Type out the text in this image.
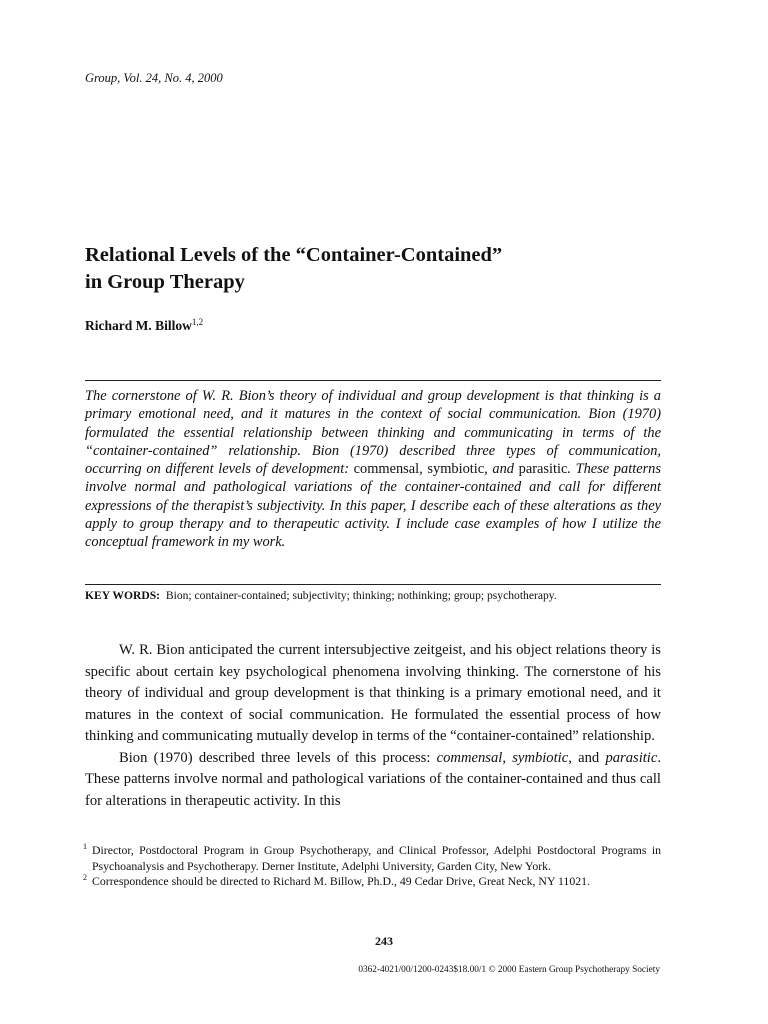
Group, Vol. 24, No. 4, 2000
Relational Levels of the “Container-Contained”
in Group Therapy
Richard M. Billow$^{1,2}$

The cornerstone of W. R. Bion’s theory of individual and group development is that thinking is a primary emotional need, and it matures in the context of social communication. Bion (1970) formulated the essential relationship between thinking and communicating in terms of the “container-contained” relationship. Bion (1970) described three types of communication, occurring on different levels of development: commensal, symbiotic, and parasitic. These patterns involve normal and pathological variations of the container-contained and call for different expressions of the therapist’s subjectivity. In this paper, I describe each of these alterations as they apply to group therapy and to therapeutic activity. I include case examples of how I utilize the conceptual framework in my work.

KEY WORDS: Bion; container-contained; subjectivity; thinking; nothinking; group; psychotherapy.

W. R. Bion anticipated the current intersubjective zeitgeist, and his object relations theory is specific about certain key psychological phenomena involving thinking. The cornerstone of his theory of individual and group development is that thinking is a primary emotional need, and it matures in the context of social communication. He formulated the essential process of how thinking and communicating mutually develop in terms of the “container-contained” relationship.

Bion (1970) described three levels of this process: commensal, symbiotic, and parasitic. These patterns involve normal and pathological variations of the container-contained and thus call for alterations in therapeutic activity. In this

1 Director, Postdoctoral Program in Group Psychotherapy, and Clinical Professor, Adelphi Postdoctoral Programs in Psychoanalysis and Psychotherapy. Derner Institute, Adelphi University, Garden City, New York.

2 Correspondence should be directed to Richard M. Billow, Ph.D., 49 Cedar Drive, Great Neck, NY 11021.

243
0362-4021/00/1200-0243$18.00/1 © 2000 Eastern Group Psychotherapy Society
